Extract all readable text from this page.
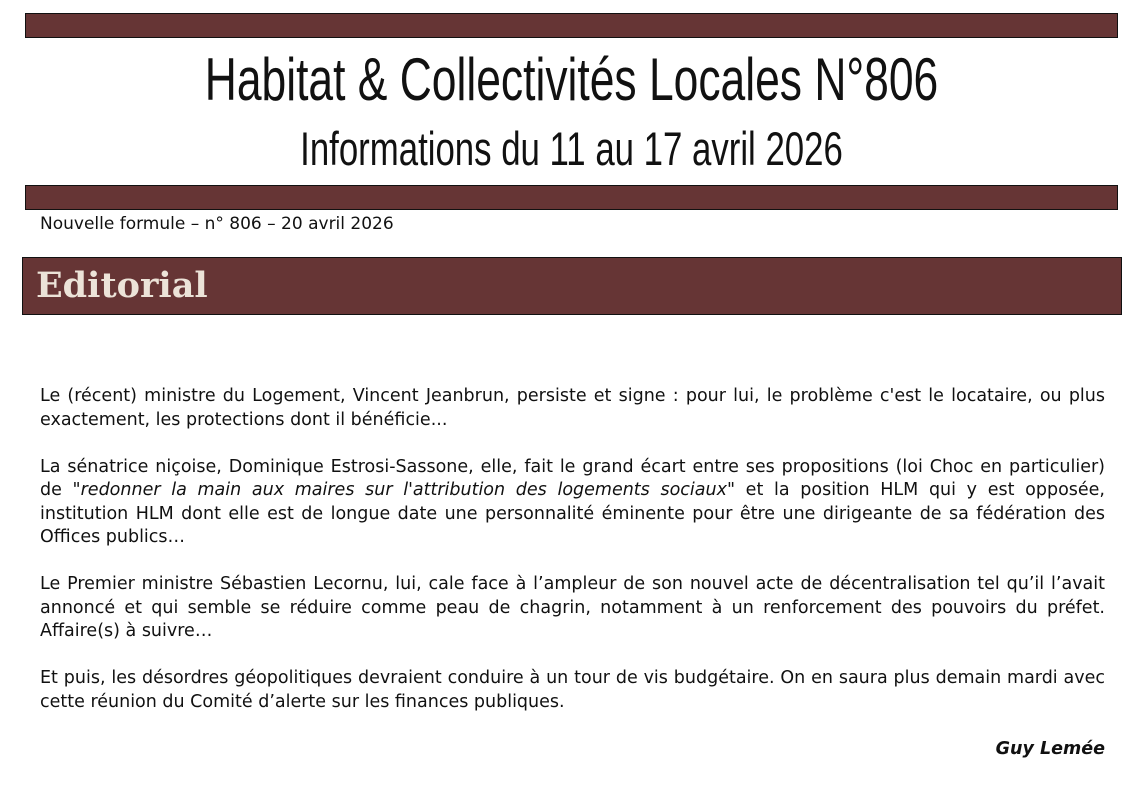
Habitat & Collectivités Locales N°806
Informations du 11 au 17 avril 2026
Nouvelle formule – n° 806 – 20 avril 2026
Editorial

Le (récent) ministre du Logement, Vincent Jeanbrun, persiste et signe : pour lui, le problème c'est le locataire, ou plus exactement, les protections dont il bénéficie...

La sénatrice niçoise, Dominique Estrosi-Sassone, elle, fait le grand écart entre ses propositions (loi Choc en particulier) de "redonner la main aux maires sur l'attribution des logements sociaux" et la position HLM qui y est opposée, institution HLM dont elle est de longue date une personnalité éminente pour être une dirigeante de sa fédération des Offices publics…

Le Premier ministre Sébastien Lecornu, lui, cale face à l’ampleur de son nouvel acte de décentralisation tel qu’il l’avait annoncé et qui semble se réduire comme peau de chagrin, notamment à un renforcement des pouvoirs du préfet. Affaire(s) à suivre…

Et puis, les désordres géopolitiques devraient conduire à un tour de vis budgétaire. On en saura plus demain mardi avec cette réunion du Comité d’alerte sur les finances publiques.

Guy Lemée
